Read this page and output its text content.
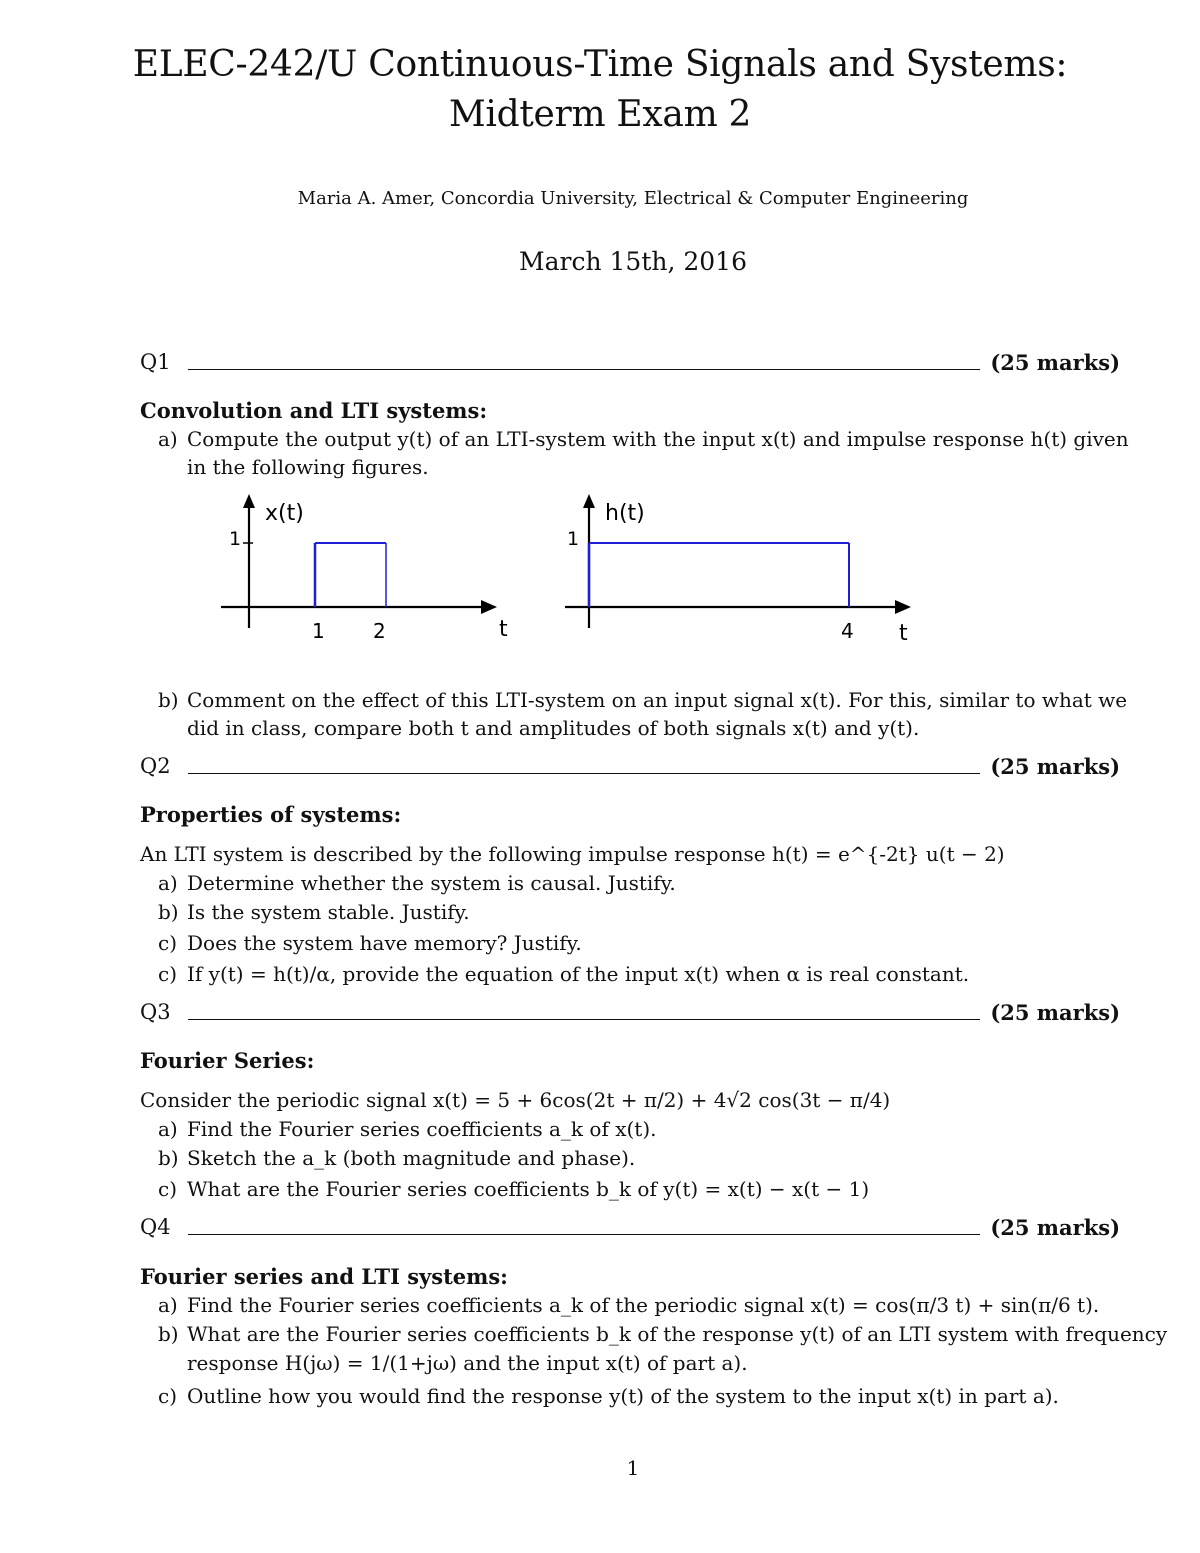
ELEC-242/U Continuous-Time Signals and Systems:
Midterm Exam 2
Maria A. Amer, Concordia University, Electrical & Computer Engineering
March 15th, 2016
Q1	(25 marks)
Convolution and LTI systems:
a) Compute the output y(t) of an LTI-system with the input x(t) and impulse response h(t) given
in the following figures.
x(t)
1
1 2	t
h(t)
1
4 t
b) Comment on the effect of this LTI-system on an input signal x(t). For this, similar to what we
did in class, compare both t and amplitudes of both signals x(t) and y(t).
Q2	(25 marks)
Properties of systems:
An LTI system is described by the following impulse response h(t) = e^{-2t} u(t − 2)
a) Determine whether the system is causal. Justify.
b) Is the system stable. Justify.
c) Does the system have memory? Justify.
c) If y(t) = h(t)/α, provide the equation of the input x(t) when α is real constant.
Q3	(25 marks)
Fourier Series:
Consider the periodic signal x(t) = 5 + 6cos(2t + π/2) + 4√2 cos(3t − π/4)
a) Find the Fourier series coefficients a_k of x(t).
b) Sketch the a_k (both magnitude and phase).
c) What are the Fourier series coefficients b_k of y(t) = x(t) − x(t − 1)
Q4	(25 marks)
Fourier series and LTI systems:
a) Find the Fourier series coefficients a_k of the periodic signal x(t) = cos(π/3 t) + sin(π/6 t).
b) What are the Fourier series coefficients b_k of the response y(t) of an LTI system with frequency
response H(jω) = 1/(1+jω) and the input x(t) of part a).
c) Outline how you would find the response y(t) of the system to the input x(t) in part a).
1
